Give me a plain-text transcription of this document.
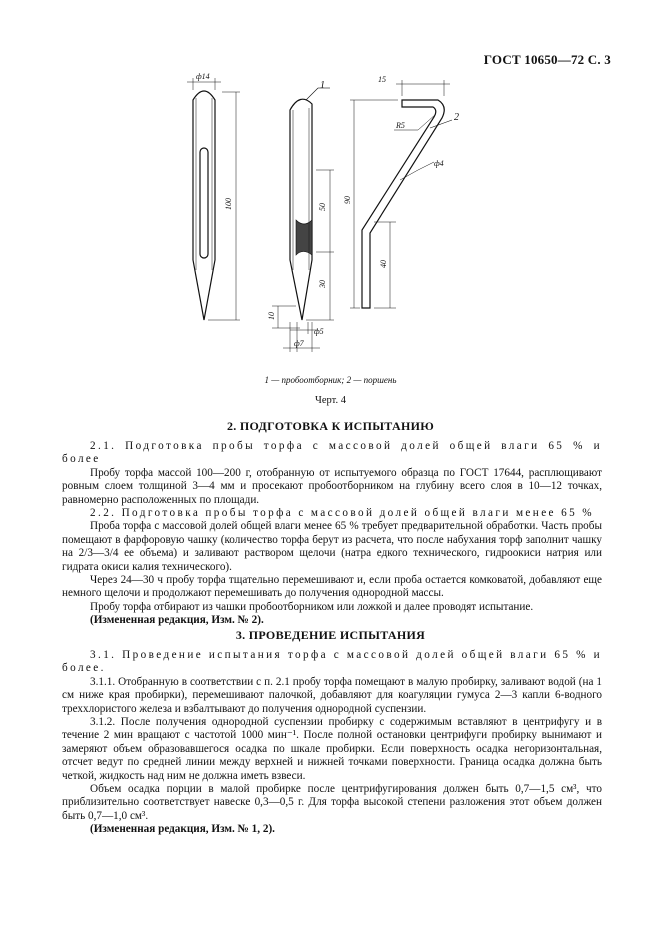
ГОСТ 10650—72 С. 3
ф14
100	50
30
10
ф5
ф7
1
15
R5
2
ф4
90
40
1 — пробоотборник; 2 — поршень
Черт. 4
2. ПОДГОТОВКА К ИСПЫТАНИЮ

2.1. Подготовка пробы торфа с массовой долей общей влаги 65 % и более

Пробу торфа массой 100—200 г, отобранную от испытуемого образца по ГОСТ 17644, расплющивают ровным слоем толщиной 3—4 мм и просекают пробоотборником на глубину всего слоя в 10—12 точках, равномерно расположенных по площади.

2.2. Подготовка пробы торфа с массовой долей общей влаги менее 65 %

Проба торфа с массовой долей общей влаги менее 65 % требует предварительной обработки. Часть пробы помещают в фарфоровую чашку (количество торфа берут из расчета, что после набухания торф заполнит чашку на 2/3—3/4 ее объема) и заливают раствором щелочи (натра едкого технического, гидроокиси натрия или гидрата окиси калия технического).

Через 24—30 ч пробу торфа тщательно перемешивают и, если проба остается комковатой, добавляют еще немного щелочи и продолжают перемешивать до получения однородной массы.

Пробу торфа отбирают из чашки пробоотборником или ложкой и далее проводят испытание.

(Измененная редакция, Изм. № 2).

3. ПРОВЕДЕНИЕ ИСПЫТАНИЯ

3.1. Проведение испытания торфа с массовой долей общей влаги 65 % и более.

3.1.1. Отобранную в соответствии с п. 2.1 пробу торфа помещают в малую пробирку, заливают водой (на 1 см ниже края пробирки), перемешивают палочкой, добавляют для коагуляции гумуса 2—3 капли 6-водного треххлористого железа и взбалтывают до получения однородной суспензии.

3.1.2. После получения однородной суспензии пробирку с содержимым вставляют в центрифугу и в течение 2 мин вращают с частотой 1000 мин⁻¹. После полной остановки центрифуги пробирку вынимают и замеряют объем образовавшегося осадка по шкале пробирки. Если поверхность осадка негоризонтальная, отсчет ведут по средней линии между верхней и нижней точками поверхности. Граница осадка должна быть четкой, жидкость над ним не должна иметь взвеси.

Объем осадка порции в малой пробирке после центрифугирования должен быть 0,7—1,5 см³, что приблизительно соответствует навеске 0,3—0,5 г. Для торфа высокой степени разложения этот объем должен быть 0,7—1,0 см³.

(Измененная редакция, Изм. № 1, 2).
